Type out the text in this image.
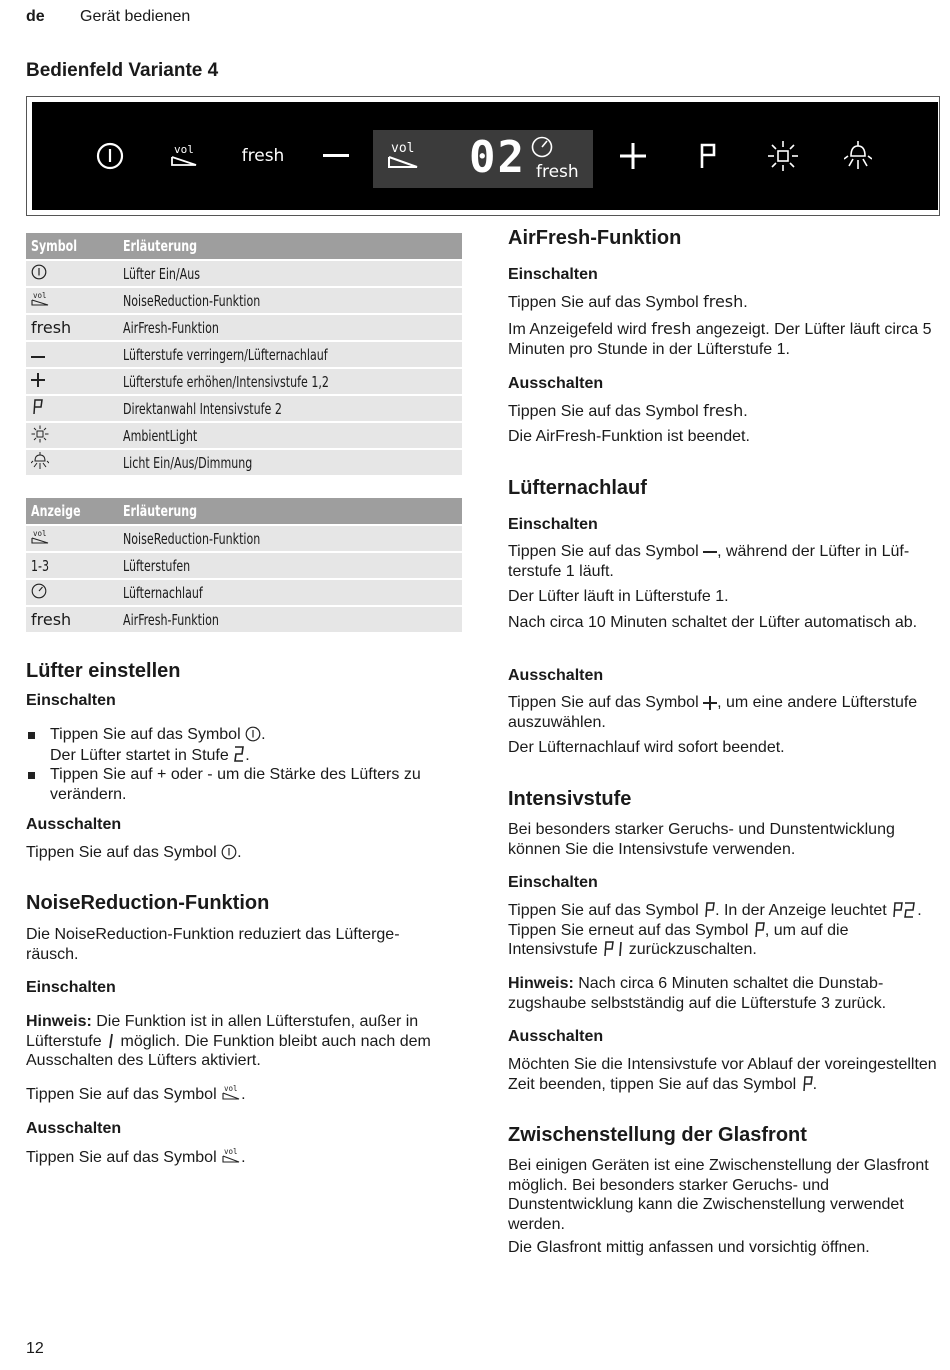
de Gerät bedienen
Bedienfeld Variante 4
vol	fresh	vol 02 fresh
Symbol	Erläuterung
	Lüfter Ein/Aus

vol	NoiseReduction-Funktion
fresh	AirFresh-Funktion
	Lüfterstufe verringern/Lüfternachlauf
	Lüfterstufe erhöhen/Intensivstufe 1,2
	Direktanwahl Intensivstufe 2
	AmbientLight
	Licht Ein/Aus/Dimmung
Anzeige	Erläuterung

vol	NoiseReduction-Funktion
1-3	Lüfterstufen
	Lüfternachlauf
fresh	AirFresh-Funktion
Lüfter einstellen
Einschalten
Tippen Sie auf das Symbol .
Der Lüfter startet in Stufe .
Tippen Sie auf + oder - um die Stärke des Lüfters zu verändern.
Ausschalten
Tippen Sie auf das Symbol .
NoiseReduction-Funktion
Die NoiseReduction-Funktion reduziert das Lüftergeräusch.
Einschalten
Hinweis: Die Funktion ist in allen Lüfterstufen, außer in Lüfterstufe  möglich. Die Funktion bleibt auch nach dem Ausschalten des Lüfters aktiviert.
Tippen Sie auf das Symbol vol .
Ausschalten
Tippen Sie auf das Symbol vol .
AirFresh-Funktion
Einschalten
Tippen Sie auf das Symbol fresh.
Im Anzeigefeld wird fresh angezeigt. Der Lüfter läuft circa 5 Minuten pro Stunde in der Lüfterstufe 1.
Ausschalten
Tippen Sie auf das Symbol fresh.
Die AirFresh-Funktion ist beendet.
Lüfternachlauf
Einschalten
Tippen Sie auf das Symbol , während der Lüfter in Lüfterstufe 1 läuft.
Der Lüfter läuft in Lüfterstufe 1.
Nach circa 10 Minuten schaltet der Lüfter automatisch ab.
Ausschalten
Tippen Sie auf das Symbol , um eine andere Lüfterstufe auszuwählen.
Der Lüfternachlauf wird sofort beendet.
Intensivstufe
Bei besonders starker Geruchs- und Dunstentwicklung können Sie die Intensivstufe verwenden.
Einschalten
Tippen Sie auf das Symbol . In der Anzeige leuchtet . Tippen Sie erneut auf das Symbol , um auf die Intensivstufe  zurückzuschalten.
Hinweis: Nach circa 6 Minuten schaltet die Dunstabzugshaube selbstständig auf die Lüfterstufe 3 zurück.
Ausschalten
Möchten Sie die Intensivstufe vor Ablauf der voreingestellten Zeit beenden, tippen Sie auf das Symbol .
Zwischenstellung der Glasfront
Bei einigen Geräten ist eine Zwischenstellung der Glasfront möglich. Bei besonders starker Geruchs- und Dunstentwicklung kann die Zwischenstellung verwendet werden.
Die Glasfront mittig anfassen und vorsichtig öffnen.
12
